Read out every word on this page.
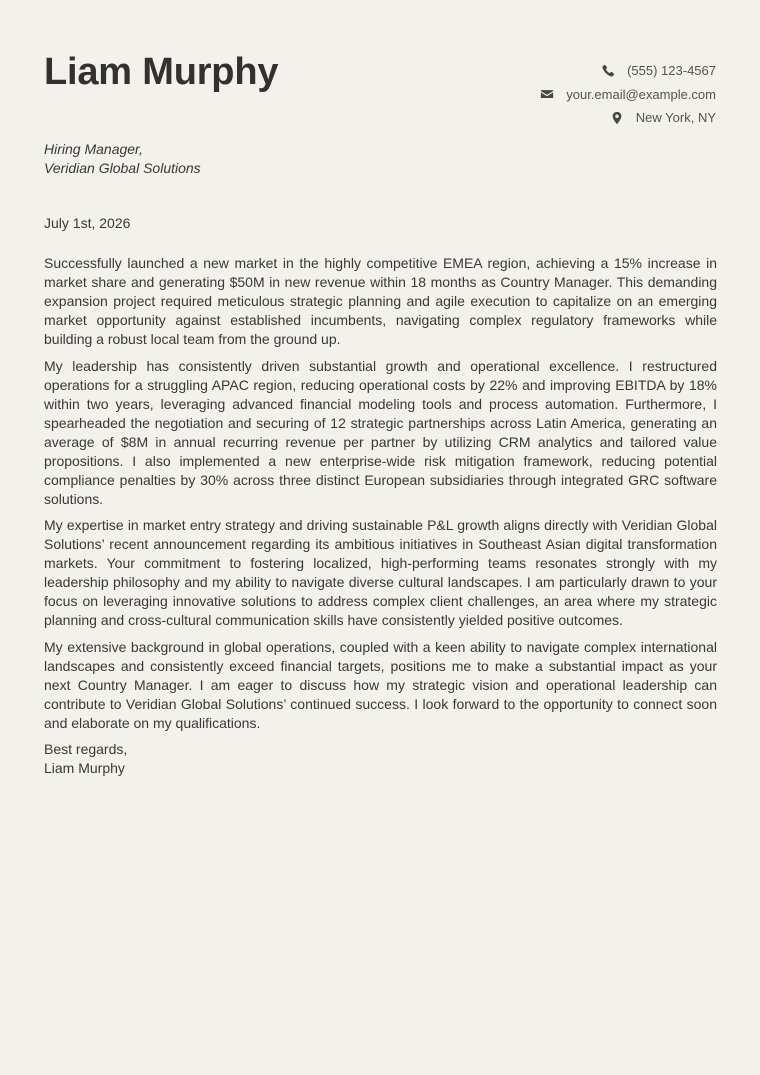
Liam Murphy	(555) 123-4567
your.email@example.com
New York, NY
Hiring Manager,
Veridian Global Solutions
July 1st, 2026

Successfully launched a new market in the highly competitive EMEA region, achieving a 15% increase in market share and generating $50M in new revenue within 18 months as Country Manager. This demanding expansion project required meticulous strategic planning and agile execution to capitalize on an emerging market opportunity against established incumbents, navigating complex regulatory frameworks while building a robust local team from the ground up.

My leadership has consistently driven substantial growth and operational excellence. I restructured operations for a struggling APAC region, reducing operational costs by 22% and improving EBITDA by 18% within two years, leveraging advanced financial modeling tools and process automation. Furthermore, I spearheaded the negotiation and securing of 12 strategic partnerships across Latin America, generating an average of $8M in annual recurring revenue per partner by utilizing CRM analytics and tailored value propositions. I also implemented a new enterprise-wide risk mitigation framework, reducing potential compliance penalties by 30% across three distinct European subsidiaries through integrated GRC software solutions.

My expertise in market entry strategy and driving sustainable P&L growth aligns directly with Veridian Global Solutions’ recent announcement regarding its ambitious initiatives in Southeast Asian digital transformation markets. Your commitment to fostering localized, high-performing teams resonates strongly with my leadership philosophy and my ability to navigate diverse cultural landscapes. I am particularly drawn to your focus on leveraging innovative solutions to address complex client challenges, an area where my strategic planning and cross-cultural communication skills have consistently yielded positive outcomes.

My extensive background in global operations, coupled with a keen ability to navigate complex international landscapes and consistently exceed financial targets, positions me to make a substantial impact as your next Country Manager. I am eager to discuss how my strategic vision and operational leadership can contribute to Veridian Global Solutions’ continued success. I look forward to the opportunity to connect soon and elaborate on my qualifications.

Best regards,
Liam Murphy
